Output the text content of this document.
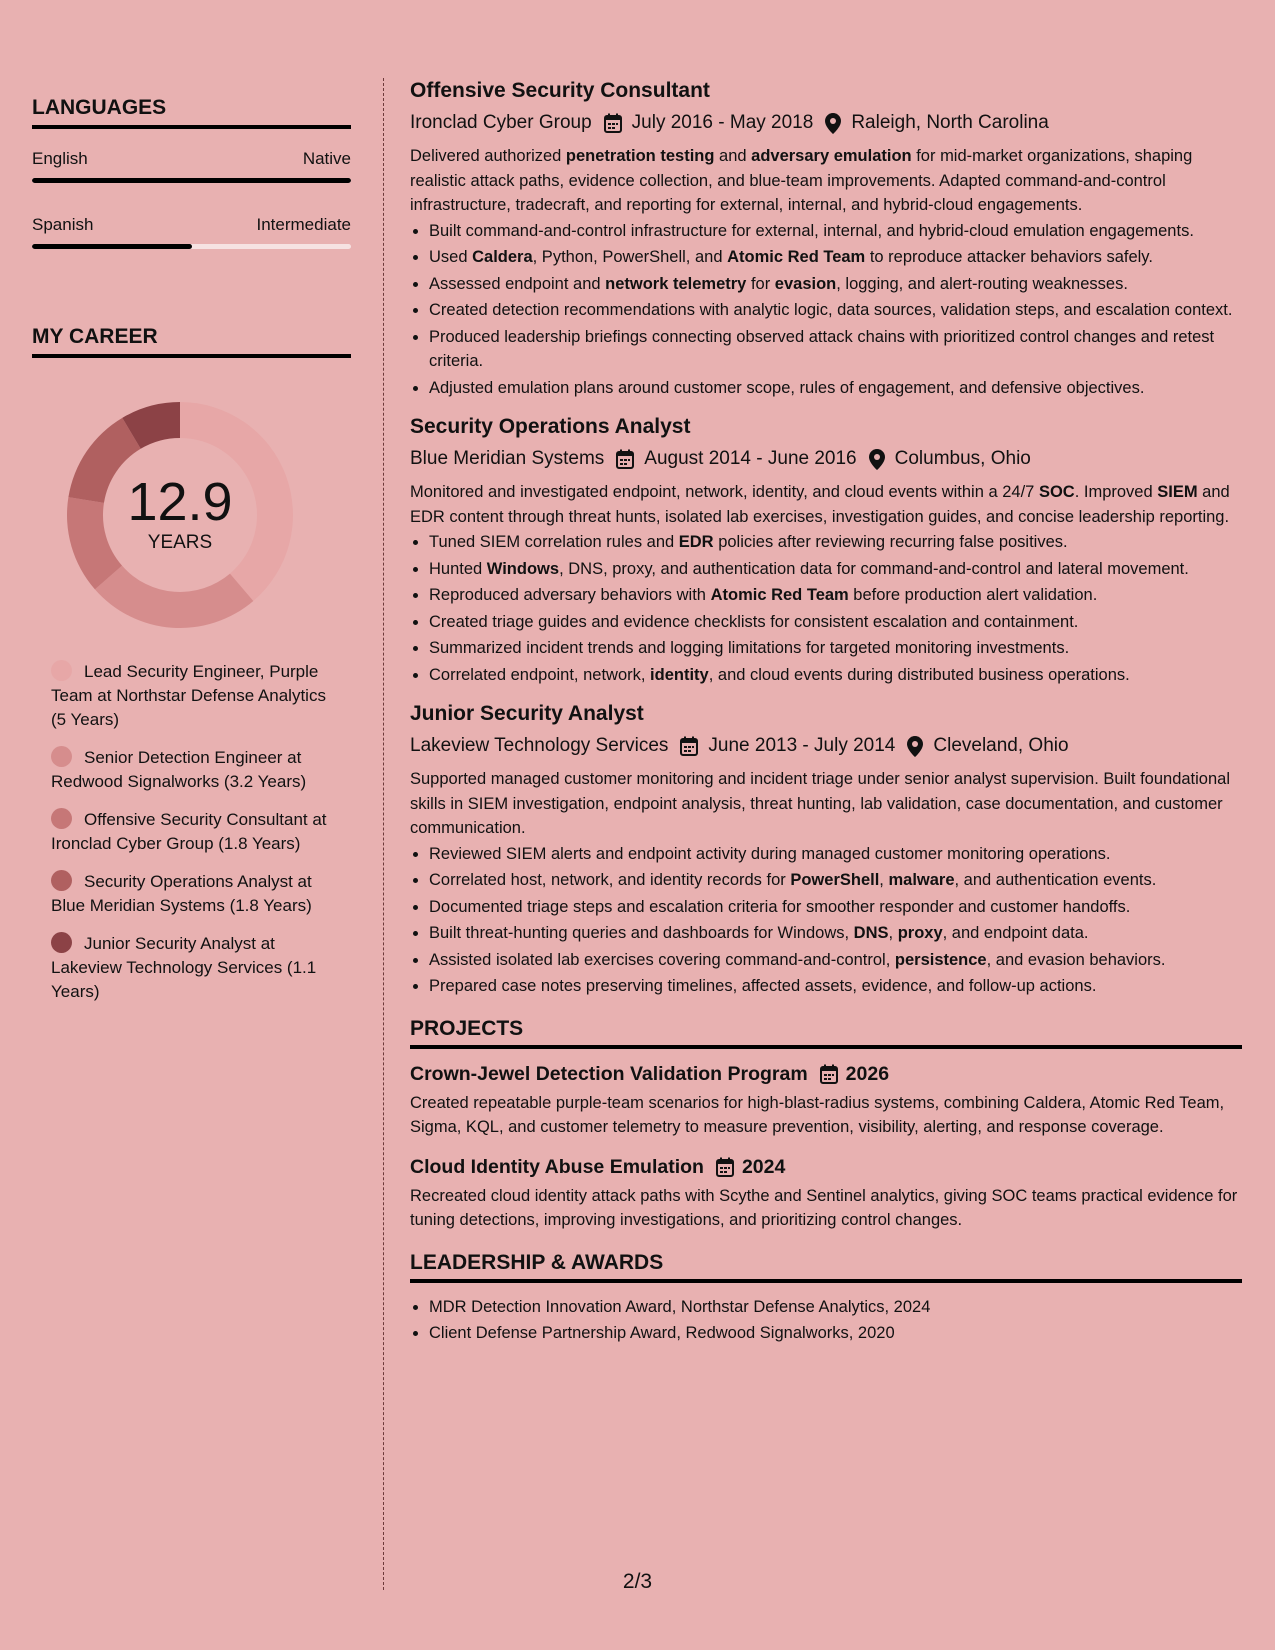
LANGUAGES
English	Native
Spanish	Intermediate
MY CAREER
12.9
YEARS
Lead Security Engineer, Purple Team at Northstar Defense Analytics (5 Years)
Senior Detection Engineer at Redwood Signalworks (3.2 Years)
Offensive Security Consultant at Ironclad Cyber Group (1.8 Years)
Security Operations Analyst at Blue Meridian Systems (1.8 Years)
Junior Security Analyst at Lakeview Technology Services (1.1 Years)
Offensive Security Consultant
Ironclad Cyber Group July 2016 - May 2018 Raleigh, North Carolina

Delivered authorized penetration testing and adversary emulation for mid-market organizations, shaping realistic attack paths, evidence collection, and blue-team improvements. Adapted command-and-control infrastructure, tradecraft, and reporting for external, internal, and hybrid-cloud engagements.

• Built command-and-control infrastructure for external, internal, and hybrid-cloud emulation engagements.
• Used Caldera, Python, PowerShell, and Atomic Red Team to reproduce attacker behaviors safely.
• Assessed endpoint and network telemetry for evasion, logging, and alert-routing weaknesses.
• Created detection recommendations with analytic logic, data sources, validation steps, and escalation context.
• Produced leadership briefings connecting observed attack chains with prioritized control changes and retest criteria.
• Adjusted emulation plans around customer scope, rules of engagement, and defensive objectives.
Security Operations Analyst
Blue Meridian Systems August 2014 - June 2016 Columbus, Ohio

Monitored and investigated endpoint, network, identity, and cloud events within a 24/7 SOC. Improved SIEM and EDR content through threat hunts, isolated lab exercises, investigation guides, and concise leadership reporting.

• Tuned SIEM correlation rules and EDR policies after reviewing recurring false positives.
• Hunted Windows, DNS, proxy, and authentication data for command-and-control and lateral movement.
• Reproduced adversary behaviors with Atomic Red Team before production alert validation.
• Created triage guides and evidence checklists for consistent escalation and containment.
• Summarized incident trends and logging limitations for targeted monitoring investments.
• Correlated endpoint, network, identity, and cloud events during distributed business operations.
Junior Security Analyst
Lakeview Technology Services June 2013 - July 2014 Cleveland, Ohio

Supported managed customer monitoring and incident triage under senior analyst supervision. Built foundational skills in SIEM investigation, endpoint analysis, threat hunting, lab validation, case documentation, and customer communication.

• Reviewed SIEM alerts and endpoint activity during managed customer monitoring operations.
• Correlated host, network, and identity records for PowerShell, malware, and authentication events.
• Documented triage steps and escalation criteria for smoother responder and customer handoffs.
• Built threat-hunting queries and dashboards for Windows, DNS, proxy, and endpoint data.
• Assisted isolated lab exercises covering command-and-control, persistence, and evasion behaviors.
• Prepared case notes preserving timelines, affected assets, evidence, and follow-up actions.
PROJECTS
Crown-Jewel Detection Validation Program 2026

Created repeatable purple-team scenarios for high-blast-radius systems, combining Caldera, Atomic Red Team, Sigma, KQL, and customer telemetry to measure prevention, visibility, alerting, and response coverage.

Cloud Identity Abuse Emulation 2024

Recreated cloud identity attack paths with Scythe and Sentinel analytics, giving SOC teams practical evidence for tuning detections, improving investigations, and prioritizing control changes.

LEADERSHIP & AWARDS
• MDR Detection Innovation Award, Northstar Defense Analytics, 2024
• Client Defense Partnership Award, Redwood Signalworks, 2020
2/3
